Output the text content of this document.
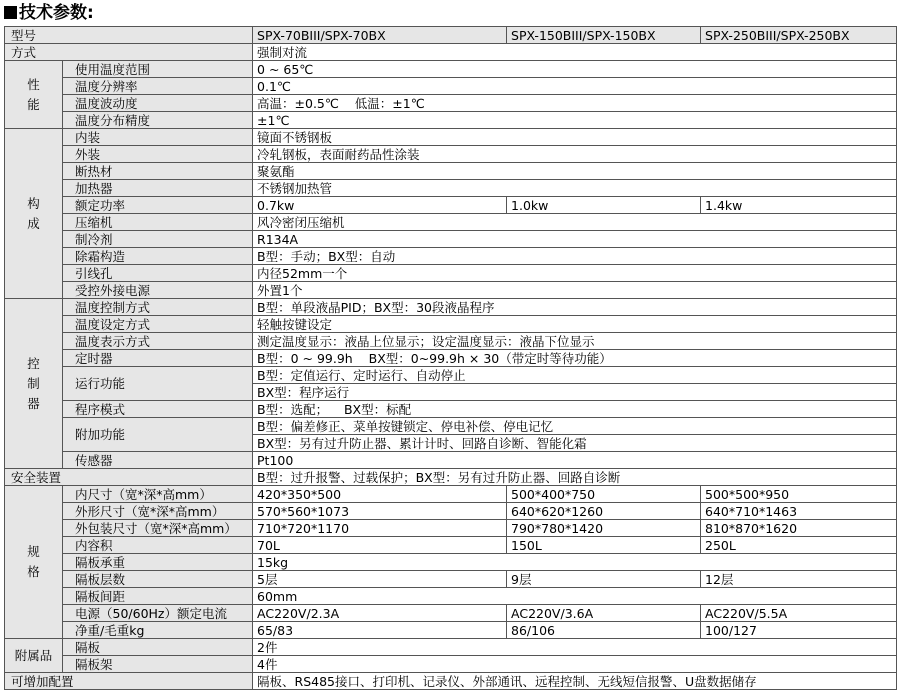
技术参数:
型号		SPX-70BIII/SPX-70BX	SPX-150BIII/SPX-150BX	SPX-250BIII/SPX-250BX
方式		强制对流		
性
能	使用温度范围	0 ~ 65℃		
	温度分辨率	0.1℃		
	温度波动度	高温：±0.5℃    低温：±1℃		
	温度分布精度	±1℃		
构
成	内装	镜面不锈钢板		
	外装	冷轧钢板，表面耐药品性涂装		
	断热材	聚氨酯		
	加热器	不锈钢加热管		
	额定功率	0.7kw	1.0kw	1.4kw
	压缩机	风冷密闭压缩机		
	制冷剂	R134A		
	除霜构造	B型：手动；BX型：自动		
	引线孔	内径52mm一个		
	受控外接电源	外置1个		
控
制
器	温度控制方式	B型：单段液晶PID；BX型：30段液晶程序		
	温度设定方式	轻触按键设定		
	温度表示方式	测定温度显示：液晶上位显示；设定温度显示：液晶下位显示		
	定时器	B型：0 ~ 99.9h    BX型：0~99.9h × 30（带定时等待功能）		
	运行功能	B型：定值运行、定时运行、自动停止		
		BX型：程序运行		
	程序模式	B型：选配；    BX型：标配		
	附加功能	B型：偏差修正、菜单按键锁定、停电补偿、停电记忆		
		BX型：另有过升防止器、累计计时、回路自诊断、智能化霜		
	传感器	Pt100		
安全装置		B型：过升报警、过载保护；BX型：另有过升防止器、回路自诊断		
规
格	内尺寸（宽*深*高mm）	420*350*500	500*400*750	500*500*950
	外形尺寸（宽*深*高mm）	570*560*1073	640*620*1260	640*710*1463
	外包装尺寸（宽*深*高mm）	710*720*1170	790*780*1420	810*870*1620
	内容积	70L	150L	250L
	隔板承重	15kg		
	隔板层数	5层	9层	12层
	隔板间距	60mm		
	电源（50/60Hz）额定电流	AC220V/2.3A	AC220V/3.6A	AC220V/5.5A
	净重/毛重kg	65/83	86/106	100/127
附属品	隔板	2件		
	隔板架	4件		
可增加配置		隔板、RS485接口、打印机、记录仪、外部通讯、远程控制、无线短信报警、U盘数据储存		
